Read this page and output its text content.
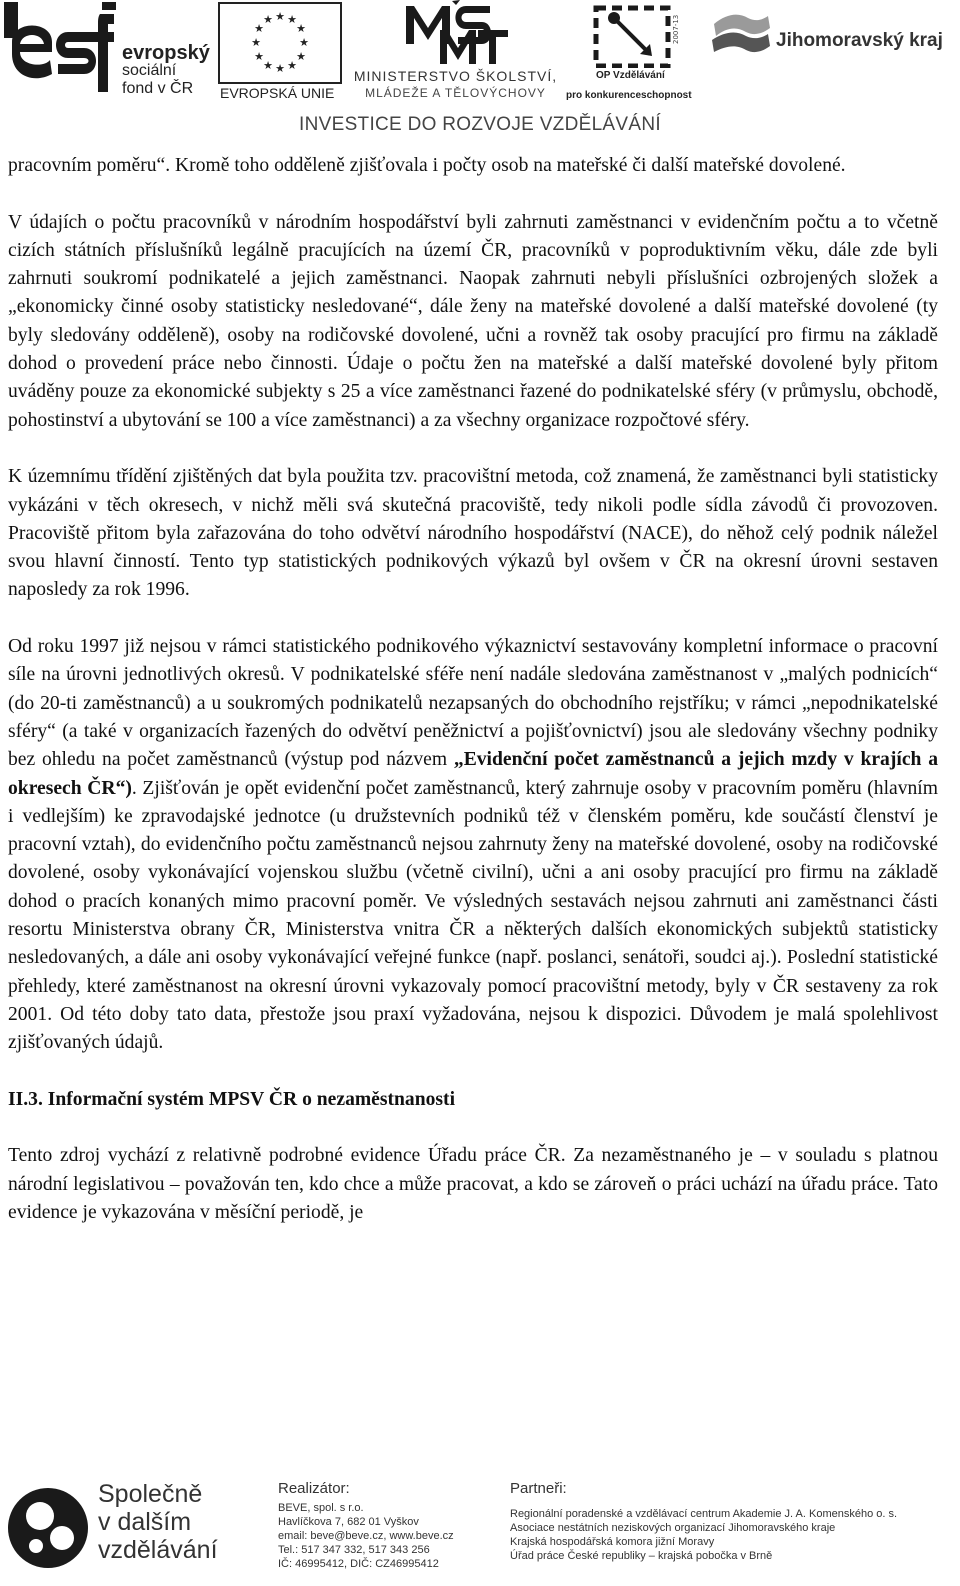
evropský
sociální
fond v ČR
★ ★
★
★
★
★
★
★
★
★
★
★
EVROPSKÁ UNIE
MINISTERSTVO ŠKOLSTVÍ,
MLÁDEŽE A TĚLOVÝCHOVY
2007-13
OP Vzdělávání
pro konkurenceschopnost
Jihomoravský kraj
INVESTICE DO ROZVOJE VZDĚLÁVÁNÍ

pracovním poměru“. Kromě toho odděleně zjišťovala i počty osob na mateřské či další mateřské dovolené.

V údajích o počtu pracovníků v národním hospodářství byli zahrnuti zaměstnanci v evidenčním počtu a to včetně cizích státních příslušníků legálně pracujících na území ČR, pracovníků v poproduktivním věku, dále zde byli zahrnuti soukromí podnikatelé a jejich zaměstnanci. Naopak zahrnuti nebyli příslušníci ozbrojených složek a „ekonomicky činné osoby statisticky nesledované“, dále ženy na mateřské dovolené a další mateřské dovolené (ty byly sledovány odděleně), osoby na rodičovské dovolené, učni a rovněž tak osoby pracující pro firmu na základě dohod o provedení práce nebo činnosti. Údaje o počtu žen na mateřské a další mateřské dovolené byly přitom uváděny pouze za ekonomické subjekty s 25 a více zaměstnanci řazené do podnikatelské sféry (v průmyslu, obchodě, pohostinství a ubytování se 100 a více zaměstnanci) a za všechny organizace rozpočtové sféry.

K územnímu třídění zjištěných dat byla použita tzv. pracovištní metoda, což znamená, že zaměstnanci byli statisticky vykázáni v těch okresech, v nichž měli svá skutečná pracoviště, tedy nikoli podle sídla závodů či provozoven. Pracoviště přitom byla zařazována do toho odvětví národního hospodářství (NACE), do něhož celý podnik náležel svou hlavní činností. Tento typ statistických podnikových výkazů byl ovšem v ČR na okresní úrovni sestaven naposledy za rok 1996.

Od roku 1997 již nejsou v rámci statistického podnikového výkaznictví sestavovány kompletní informace o pracovní síle na úrovni jednotlivých okresů. V podnikatelské sféře není nadále sledována zaměstnanost v „malých podnicích“ (do 20-ti zaměstnanců) a u soukromých podnikatelů nezapsaných do obchodního rejstříku; v rámci „nepodnikatelské sféry“ (a také v organizacích řazených do odvětví peněžnictví a pojišťovnictví) jsou ale sledovány všechny podniky bez ohledu na počet zaměstnanců (výstup pod názvem „Evidenční počet zaměstnanců a jejich mzdy v krajích a okresech ČR“). Zjišťován je opět evidenční počet zaměstnanců, který zahrnuje osoby v pracovním poměru (hlavním i vedlejším) ke zpravodajské jednotce (u družstevních podniků též v členském poměru, kde součástí členství je pracovní vztah), do evidenčního počtu zaměstnanců nejsou zahrnuty ženy na mateřské dovolené, osoby na rodičovské dovolené, osoby vykonávající vojenskou službu (včetně civilní), učni a ani osoby pracující pro firmu na základě dohod o pracích konaných mimo pracovní poměr. Ve výsledných sestavách nejsou zahrnuti ani zaměstnanci části resortu Ministerstva obrany ČR, Ministerstva vnitra ČR a některých dalších ekonomických subjektů statisticky nesledovaných, a dále ani osoby vykonávající veřejné funkce (např. poslanci, senátoři, soudci aj.). Poslední statistické přehledy, které zaměstnanost na okresní úrovni vykazovaly pomocí pracovištní metody, byly v ČR sestaveny za rok 2001. Od této doby tato data, přestože jsou praxí vyžadována, nejsou k dispozici. Důvodem je malá spolehlivost zjišťovaných údajů.

II.3. Informační systém MPSV ČR o nezaměstnanosti

Tento zdroj vychází z relativně podrobné evidence Úřadu práce ČR. Za nezaměstnaného je – v souladu s platnou národní legislativou – považován ten, kdo chce a může pracovat, a kdo se zároveň o práci uchází na úřadu práce. Tato evidence je vykazována v měsíční periodě, je

Společně
v dalším
vzdělávání
Realizátor:
BEVE, spol. s r.o.
Havlíčkova 7, 682 01 Vyškov
email: beve@beve.cz, www.beve.cz
Tel.: 517 347 332, 517 343 256
IČ: 46995412, DIČ: CZ46995412
Partneři:
Regionální poradenské a vzdělávací centrum Akademie J. A. Komenského o. s.
Asociace nestátních neziskových organizací Jihomoravského kraje
Krajská hospodářská komora jižní Moravy
Úřad práce České republiky – krajská pobočka v Brně
